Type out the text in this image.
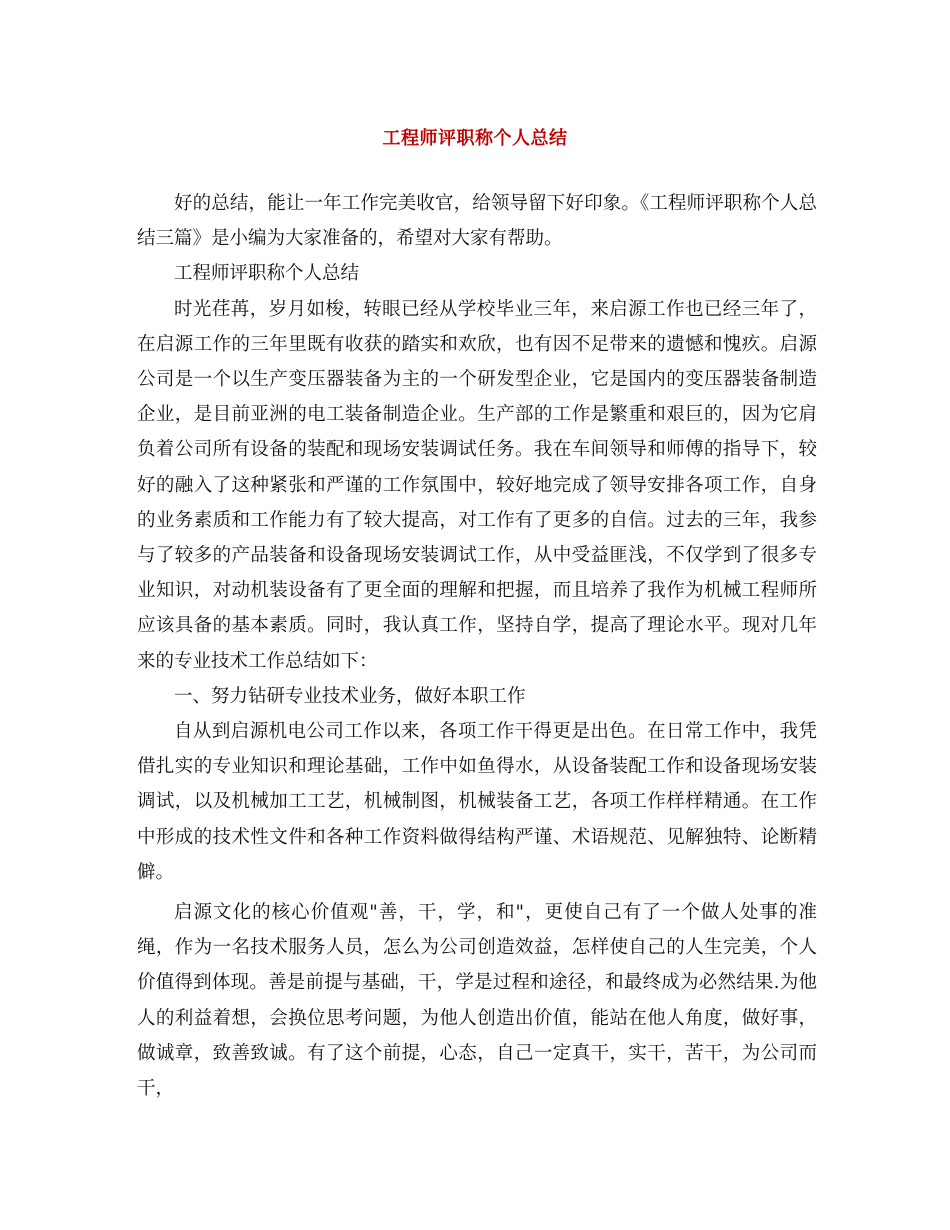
工程师评职称个人总结

好的总结，能让一年工作完美收官，给领导留下好印象。《工程师评职称个人总结三篇》是小编为大家准备的，希望对大家有帮助。

工程师评职称个人总结

时光荏苒，岁月如梭，转眼已经从学校毕业三年，来启源工作也已经三年了，在启源工作的三年里既有收获的踏实和欢欣，也有因不足带来的遗憾和愧疚。启源公司是一个以生产变压器装备为主的一个研发型企业，它是国内的变压器装备制造企业，是目前亚洲的电工装备制造企业。生产部的工作是繁重和艰巨的，因为它肩负着公司所有设备的装配和现场安装调试任务。我在车间领导和师傅的指导下，较好的融入了这种紧张和严谨的工作氛围中，较好地完成了领导安排各项工作，自身的业务素质和工作能力有了较大提高，对工作有了更多的自信。过去的三年，我参与了较多的产品装备和设备现场安装调试工作，从中受益匪浅，不仅学到了很多专业知识，对动机装设备有了更全面的理解和把握，而且培养了我作为机械工程师所应该具备的基本素质。同时，我认真工作，坚持自学，提高了理论水平。现对几年来的专业技术工作总结如下：

一、努力钻研专业技术业务，做好本职工作

自从到启源机电公司工作以来，各项工作干得更是出色。在日常工作中，我凭借扎实的专业知识和理论基础，工作中如鱼得水，从设备装配工作和设备现场安装调试，以及机械加工工艺，机械制图，机械装备工艺，各项工作样样精通。在工作中形成的技术性文件和各种工作资料做得结构严谨、术语规范、见解独特、论断精僻。

启源文化的核心价值观"善，干，学，和"，更使自己有了一个做人处事的准绳，作为一名技术服务人员，怎么为公司创造效益，怎样使自己的人生完美，个人价值得到体现。善是前提与基础，干，学是过程和途径，和最终成为必然结果.为他人的利益着想，会换位思考问题，为他人创造出价值，能站在他人角度，做好事，做诚章，致善致诚。有了这个前提，心态，自己一定真干，实干，苦干，为公司而干，
